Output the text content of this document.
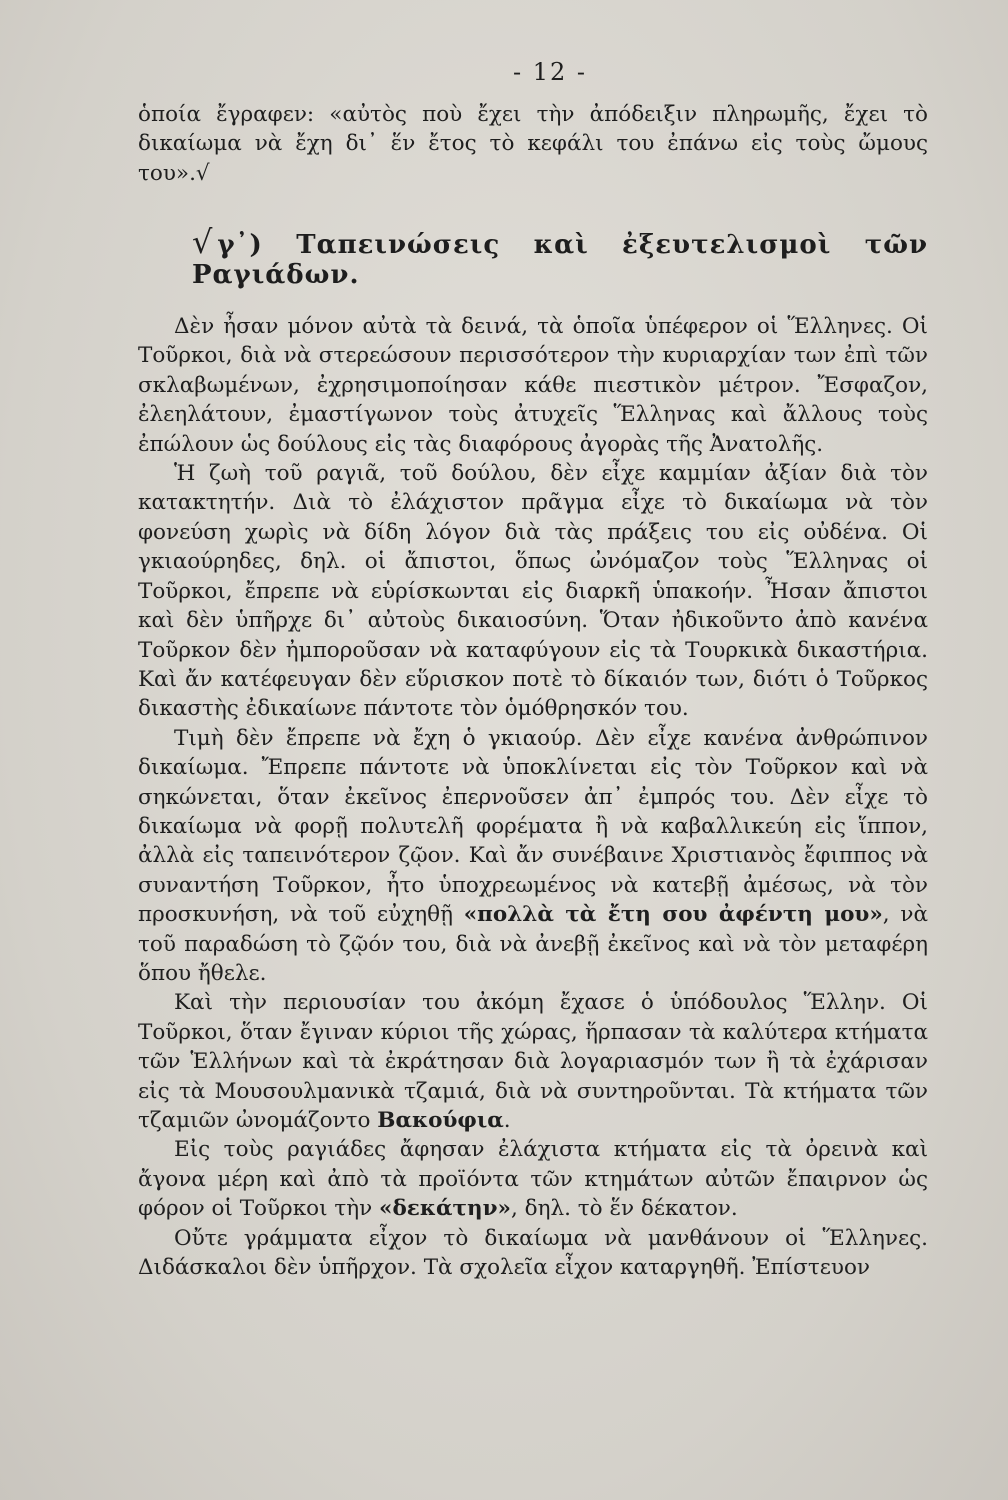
- 12 -

ὁποία ἔγραφεν: «αὐτὸς ποὺ ἔχει τὴν ἀπόδειξιν πληρωμῆς, ἔχει τὸ δικαίωμα νὰ ἔχη δι᾽ ἕν ἔτος τὸ κεφάλι του ἐπάνω εἰς τοὺς ὤμους του».√

√ γ᾽) Ταπεινώσεις καὶ ἐξευτελισμοὶ τῶν Ραγιάδων.

Δὲν ἦσαν μόνον αὐτὰ τὰ δεινά, τὰ ὁποῖα ὑπέφερον οἱ Ἕλληνες. Οἱ Τοῦρκοι, διὰ νὰ στερεώσουν περισσότερον τὴν κυριαρχίαν των ἐπὶ τῶν σκλαβωμένων, ἐχρησιμοποίησαν κάθε πιεστικὸν μέτρον. Ἔσφαζον, ἐλεηλάτουν, ἐμαστίγωνον τοὺς ἀτυχεῖς Ἕλληνας καὶ ἄλλους τοὺς ἐπώλουν ὡς δούλους εἰς τὰς διαφόρους ἀγορὰς τῆς Ἀνατολῆς.

Ἡ ζωὴ τοῦ ραγιᾶ, τοῦ δούλου, δὲν εἶχε καμμίαν ἀξίαν διὰ τὸν κατακτητήν. Διὰ τὸ ἐλάχιστον πρᾶγμα εἶχε τὸ δικαίωμα νὰ τὸν φονεύση χωρὶς νὰ δίδη λόγον διὰ τὰς πράξεις του εἰς οὐδένα. Οἱ γκιαούρηδες, δηλ. οἱ ἄπιστοι, ὅπως ὠνόμαζον τοὺς Ἕλληνας οἱ Τοῦρκοι, ἔπρεπε νὰ εὑρίσκωνται εἰς διαρκῆ ὑπακοήν. Ἦσαν ἄπιστοι καὶ δὲν ὑπῆρχε δι᾽ αὐτοὺς δικαιοσύνη. Ὅταν ἠδικοῦντο ἀπὸ κανένα Τοῦρκον δὲν ἠμποροῦσαν νὰ καταφύγουν εἰς τὰ Τουρκικὰ δικαστήρια. Καὶ ἄν κατέφευγαν δὲν εὕρισκον ποτὲ τὸ δίκαιόν των, διότι ὁ Τοῦρκος δικαστὴς ἐδικαίωνε πάντοτε τὸν ὁμόθρησκόν του.

Τιμὴ δὲν ἔπρεπε νὰ ἔχη ὁ γκιαούρ. Δὲν εἶχε κανένα ἀνθρώπινον δικαίωμα. Ἔπρεπε πάντοτε νὰ ὑποκλίνεται εἰς τὸν Τοῦρκον καὶ νὰ σηκώνεται, ὅταν ἐκεῖνος ἐπερνοῦσεν ἀπ᾽ ἐμπρός του. Δὲν εἶχε τὸ δικαίωμα νὰ φορῇ πολυτελῆ φορέματα ἢ νὰ καβαλλικεύη εἰς ἵππον, ἀλλὰ εἰς ταπεινότερον ζῷον. Καὶ ἄν συνέβαινε Χριστιανὸς ἔφιππος νὰ συναντήση Τοῦρκον, ἦτο ὑποχρεωμένος νὰ κατεβῇ ἀμέσως, νὰ τὸν προσκυνήση, νὰ τοῦ εὐχηθῇ «πολλὰ τὰ ἔτη σου ἀφέντη μου», νὰ τοῦ παραδώση τὸ ζῷόν του, διὰ νὰ ἀνεβῇ ἐκεῖνος καὶ νὰ τὸν μεταφέρη ὅπου ἤθελε.

Καὶ τὴν περιουσίαν του ἀκόμη ἔχασε ὁ ὑπόδουλος Ἕλλην. Οἱ Τοῦρκοι, ὅταν ἔγιναν κύριοι τῆς χώρας, ἥρπασαν τὰ καλύτερα κτήματα τῶν Ἑλλήνων καὶ τὰ ἐκράτησαν διὰ λογαριασμόν των ἢ τὰ ἐχάρισαν εἰς τὰ Μουσουλμανικὰ τζαμιά, διὰ νὰ συντηροῦνται. Τὰ κτήματα τῶν τζαμιῶν ὠνομάζοντο Βακούφια.

Εἰς τοὺς ραγιάδες ἄφησαν ἐλάχιστα κτήματα εἰς τὰ ὀρεινὰ καὶ ἄγονα μέρη καὶ ἀπὸ τὰ προϊόντα τῶν κτημάτων αὐτῶν ἔπαιρνον ὡς φόρον οἱ Τοῦρκοι τὴν «δεκάτην», δηλ. τὸ ἕν δέκατον.

Οὔτε γράμματα εἶχον τὸ δικαίωμα νὰ μανθάνουν οἱ Ἕλληνες. Διδάσκαλοι δὲν ὑπῆρχον. Τὰ σχολεῖα εἶχον καταργηθῆ. Ἐπίστευον
